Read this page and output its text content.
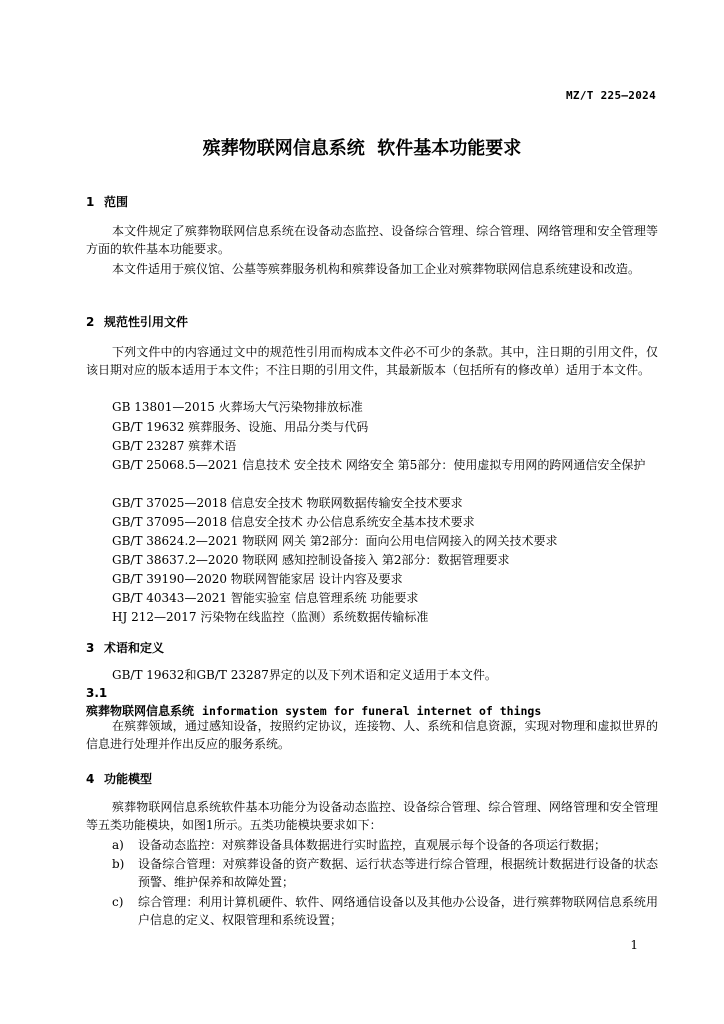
MZ/T 225—2024
殡葬物联网信息系统  软件基本功能要求
1 范围
本文件规定了殡葬物联网信息系统在设备动态监控、设备综合管理、综合管理、网络管理和安全管理等方面的软件基本功能要求。
本文件适用于殡仪馆、公墓等殡葬服务机构和殡葬设备加工企业对殡葬物联网信息系统建设和改造。
2 规范性引用文件
下列文件中的内容通过文中的规范性引用而构成本文件必不可少的条款。其中，注日期的引用文件，仅该日期对应的版本适用于本文件；不注日期的引用文件，其最新版本（包括所有的修改单）适用于本文件。
GB 13801—2015 火葬场大气污染物排放标准
GB/T 19632 殡葬服务、设施、用品分类与代码
GB/T 23287 殡葬术语
GB/T 25068.5—2021 信息技术 安全技术 网络安全 第5部分：使用虚拟专用网的跨网通信安全保护
GB/T 37025—2018 信息安全技术 物联网数据传输安全技术要求
GB/T 37095—2018 信息安全技术 办公信息系统安全基本技术要求
GB/T 38624.2—2021 物联网 网关 第2部分：面向公用电信网接入的网关技术要求
GB/T 38637.2—2020 物联网 感知控制设备接入 第2部分：数据管理要求
GB/T 39190—2020 物联网智能家居 设计内容及要求
GB/T 40343—2021 智能实验室 信息管理系统 功能要求
HJ 212—2017 污染物在线监控（监测）系统数据传输标准
3 术语和定义
GB/T 19632和GB/T 23287界定的以及下列术语和定义适用于本文件。
3.1
殡葬物联网信息系统 information system for funeral internet of things
在殡葬领域，通过感知设备，按照约定协议，连接物、人、系统和信息资源，实现对物理和虚拟世界的信息进行处理并作出反应的服务系统。
4 功能模型
殡葬物联网信息系统软件基本功能分为设备动态监控、设备综合管理、综合管理、网络管理和安全管理等五类功能模块，如图1所示。五类功能模块要求如下：
a) 设备动态监控：对殡葬设备具体数据进行实时监控，直观展示每个设备的各项运行数据；
b) 设备综合管理：对殡葬设备的资产数据、运行状态等进行综合管理，根据统计数据进行设备的状态预警、维护保养和故障处置；
c) 综合管理：利用计算机硬件、软件、网络通信设备以及其他办公设备，进行殡葬物联网信息系统用户信息的定义、权限管理和系统设置；
1
